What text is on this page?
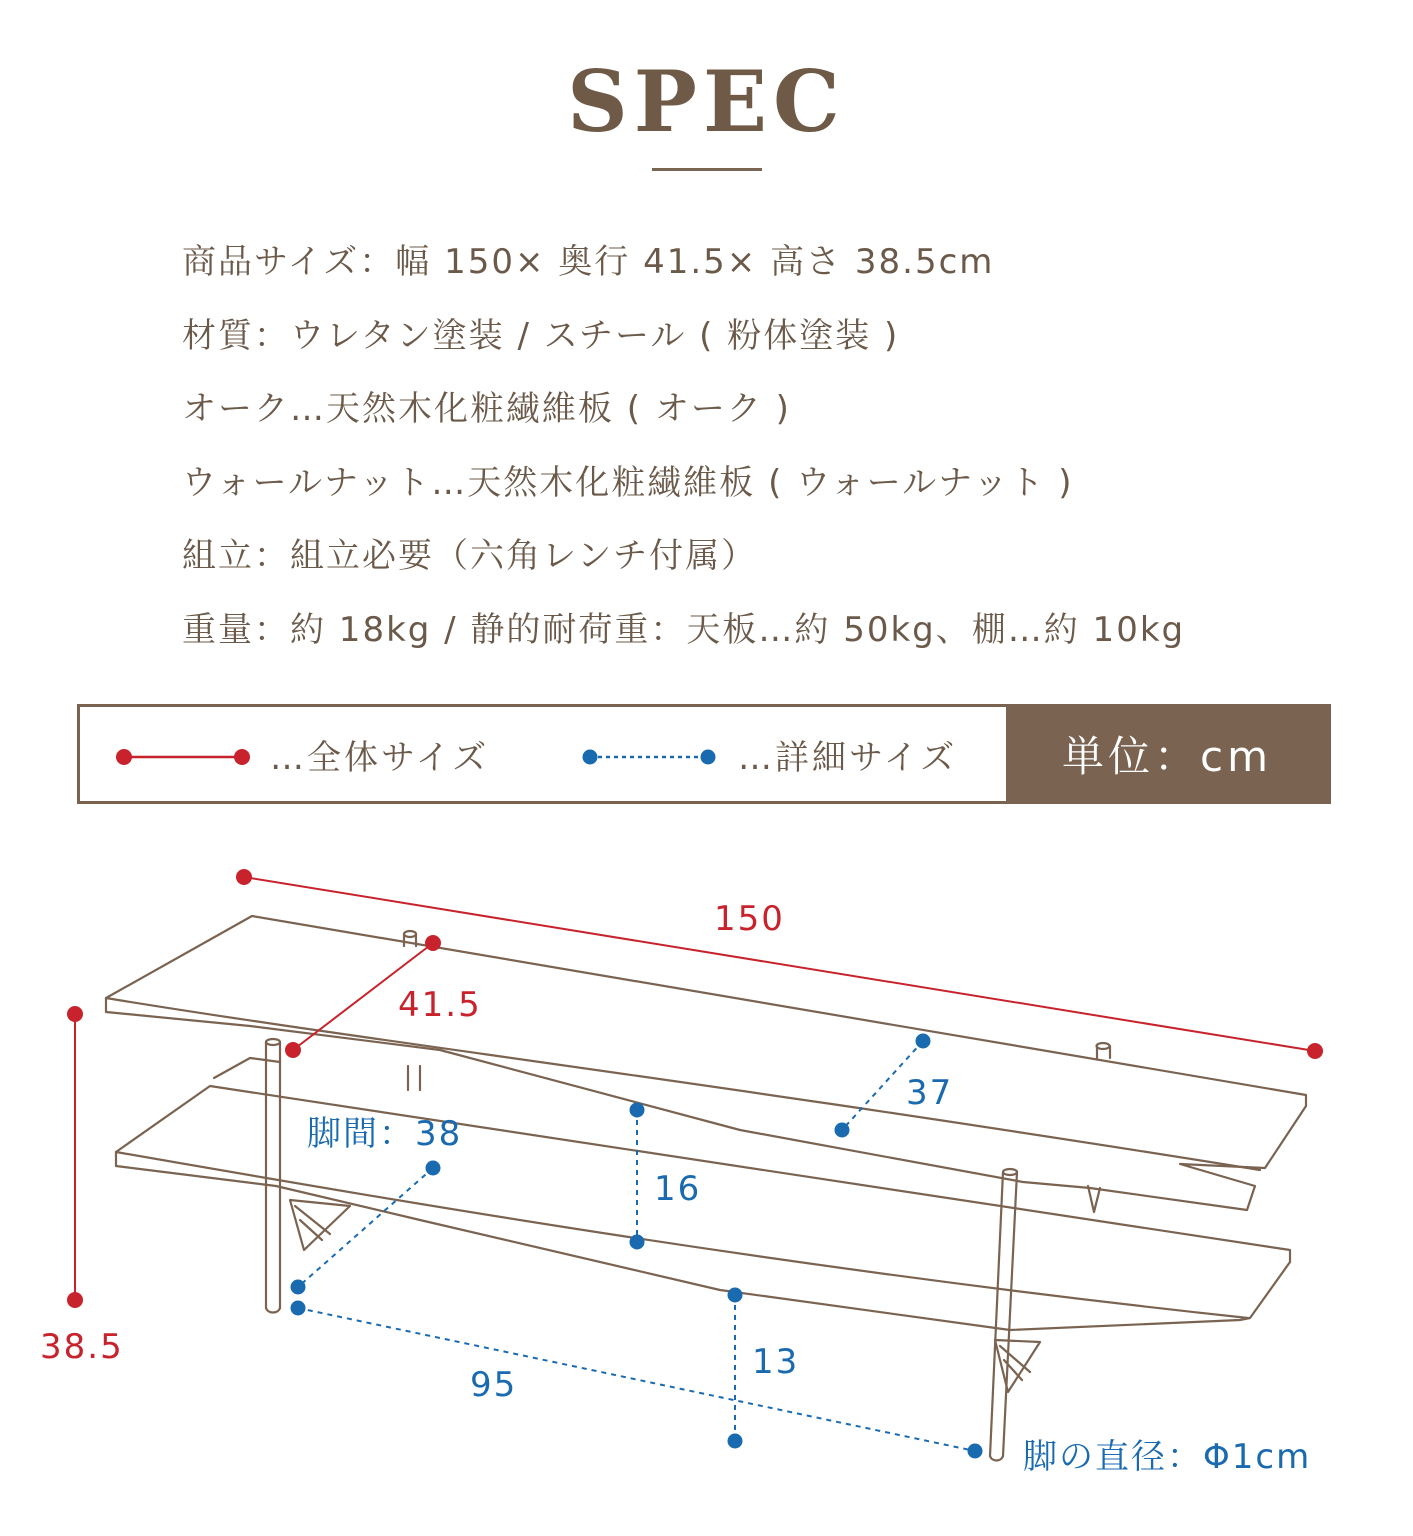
SPEC
商品サイズ：幅 150× 奥行 41.5× 高さ 38.5cm
材質：ウレタン塗装 / スチール ( 粉体塗装 )
オーク…天然木化粧繊維板 ( オーク )
ウォールナット…天然木化粧繊維板 ( ウォールナット )
組立：組立必要（六角レンチ付属）
重量：約 18kg / 静的耐荷重：天板…約 50kg、棚…約 10kg
…全体サイズ	…詳細サイズ	単位：cm
150
41.5
38.5
37
脚間：38
16
13
95
脚の直径：Φ1cm
